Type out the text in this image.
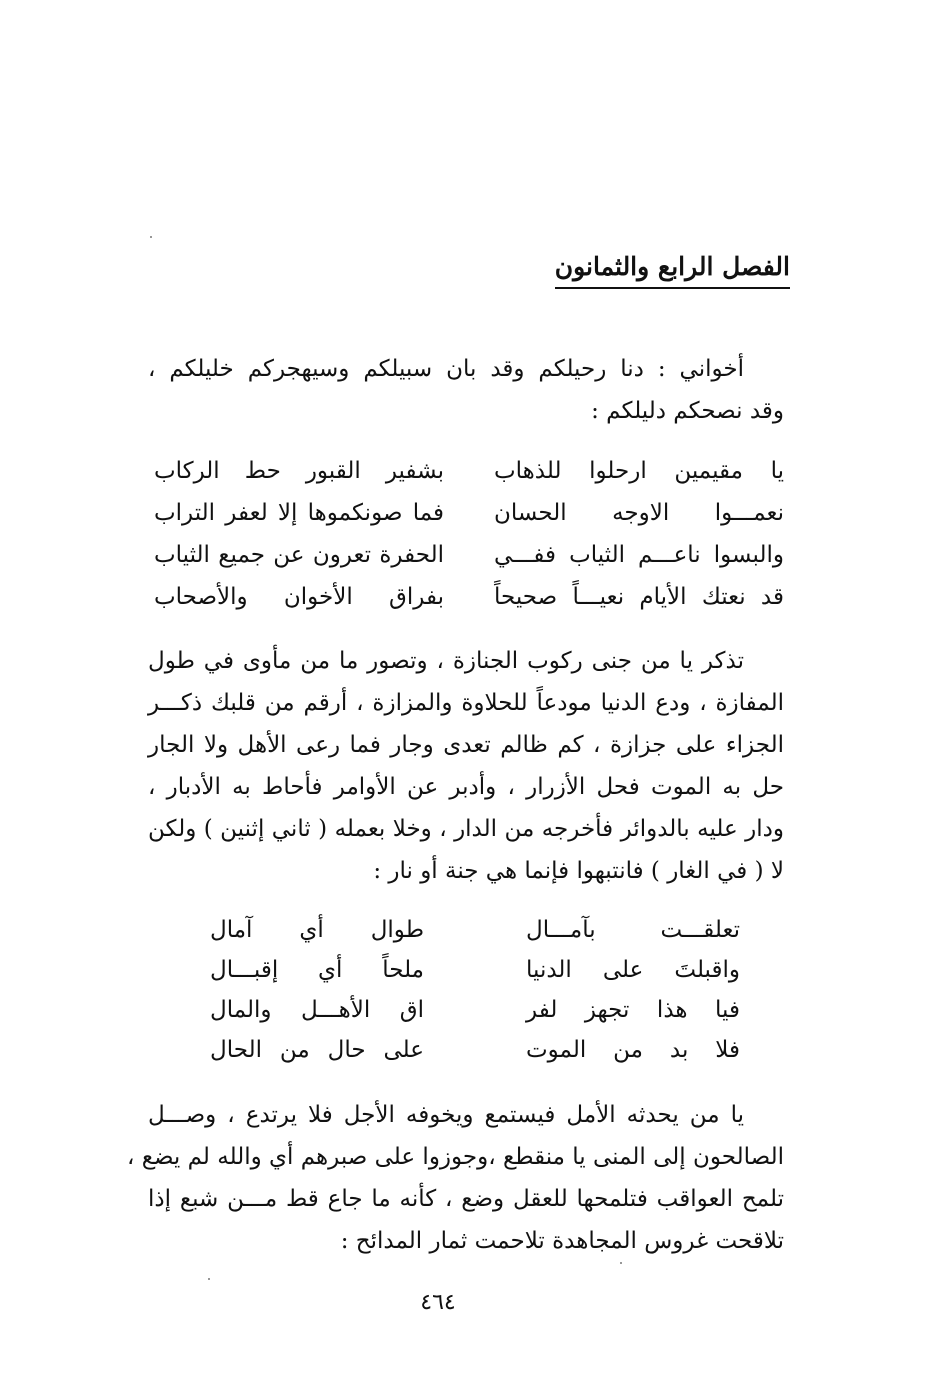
الفصل الرابع والثمانون
أخواني : دنا رحيلكم وقد بان سبيلكم وسيهجركم خليلكم ،
وقد نصحكم دليلكم :
يا مقيمين ارحلوا للذهاب
بشفير القبور حط الركاب
نعمـــوا الاوجه الحسان
فما صونكموها إلا لعفر التراب
والبسوا ناعـــم الثياب ففـــي
الحفرة تعرون عن جميع الثياب
قد نعتك الأيام نعيـــاً صحيحاً
بفراق الأخوان والأصحاب
تذكر يا من جنى ركوب الجنازة ، وتصور ما من مأوى في طول
المفازة ، ودع الدنيا مودعاً للحلاوة والمزازة ، أرقم من قلبك ذكـــر
الجزاء على جزازة ، كم ظالم تعدى وجار فما رعى الأهل ولا الجار
حل به الموت فحل الأزرار ، وأدبر عن الأوامر فأحاط به الأدبار ،
ودار عليه بالدوائر فأخرجه من الدار ، وخلا بعمله ( ثاني إثنين ) ولكن
لا ( في الغار ) فانتبهوا فإنما هي جنة أو نار :
تعلقـــت بآمـــال
طوال أي آمال
واقبلتَ على الدنيا
ملحاً أي إقبـــال
فيا هذا تجهز لفر
اق الأهـــل والمال
فلا بد من الموت
على حال من الحال
يا من يحدثه الأمل فيستمع ويخوفه الأجل فلا يرتدع ، وصـــل
الصالحون إلى المنى يا منقطع ،وجوزوا على صبرهم أي والله لم يضع ،
تلمح العواقب فتلمحها للعقل وضع ، كأنه ما جاع قط مـــن شبع إذا
تلاقحت غروس المجاهدة تلاحمت ثمار المدائح :
٤٦٤
